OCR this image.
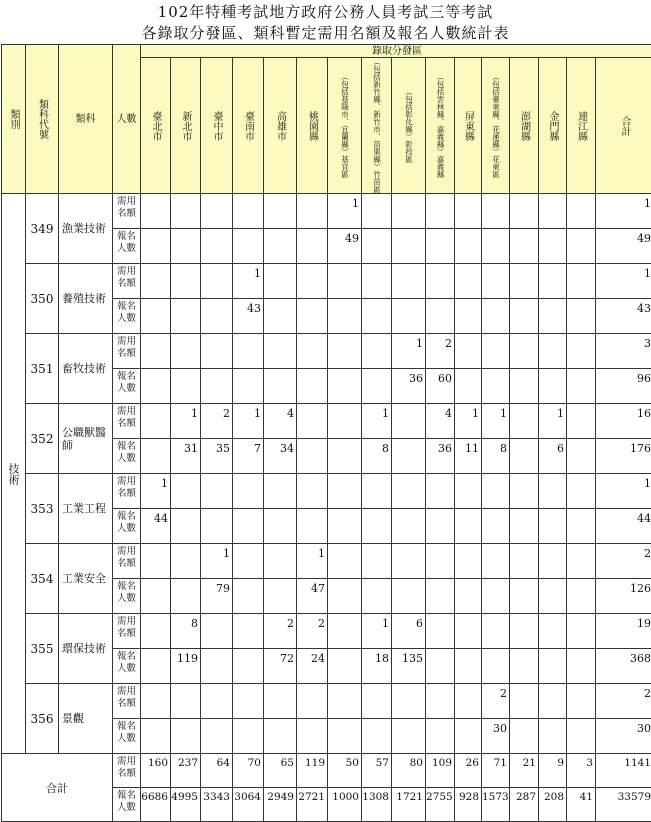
102年特種考試地方政府公務人員考試三等考試
各錄取分發區、類科暫定需用名額及報名人數統計表
類別	類科代號	類科	人數	錄取分發區															

				臺北市	新北市	臺中市	臺南市	高雄市	桃園縣	（包括基隆市、宜蘭縣）基宜區	（包括新竹縣、新竹市、苗栗縣）竹苗區	（包括彰化縣）彰投區	（包括雲林縣、嘉義縣）嘉義縣	屏東縣	（包括臺東縣、花蓮縣）花東區	澎湖縣	金門縣	連江縣	合計

技術	349	漁業技術	需用名額							1									1
			報名人數							49									49
	350	養殖技術	需用名額				1												1
			報名人數				43												43
	351	畜牧技術	需用名額									1	2						3
			報名人數									36	60						96
	352	公職獸醫師	需用名額		1	2	1	4			1		4	1	1		1		16
			報名人數		31	35	7	34			8		36	11	8		6		176
	353	工業工程	需用名額	1															1
			報名人數	44															44
	354	工業安全	需用名額			1			1										2
			報名人數			79			47										126
	355	環保技術	需用名額		8			2	2		1	6							19
			報名人數		119			72	24		18	135							368
	356	景觀	需用名額												2				2
			報名人數												30				30
合計			需用名額	160	237	64	70	65	119	50	57	80	109	26	71	21	9	3	1141
			報名人數	6686	4995	3343	3064	2949	2721	1000	1308	1721	2755	928	1573	287	208	41	33579
